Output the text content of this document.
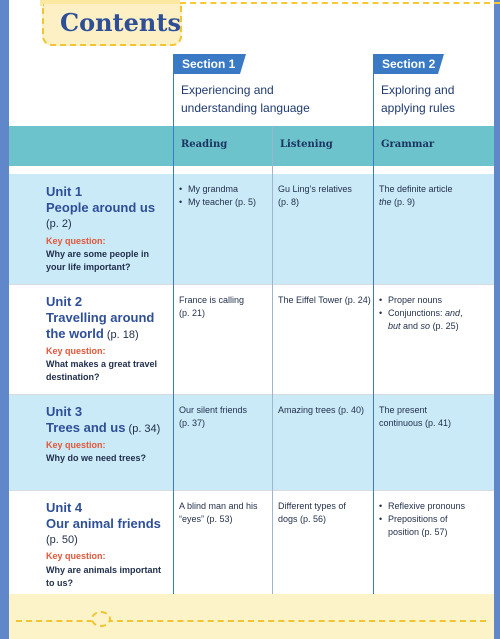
Contents
Section 1	Section 2
Experiencing and
understanding language
Exploring and
applying rules
Reading	Listening	Grammar
Unit 1
People around us
(p. 2)
Key question:
Why are some people in
your life important?
• My grandma
• My teacher (p. 5)
Gu Ling’s relatives
(p. 8)
The definite article
the (p. 9)
Unit 2
Travelling around
the world (p. 18)
Key question:
What makes a great travel
destination?
France is calling
(p. 21)
The Eiffel Tower (p. 24)
•	Proper nouns
• Conjunctions: and,
but and so (p. 25)
Unit 3
Trees and us (p. 34)
Key question:
Why do we need trees?
Our silent friends
(p. 37)
Amazing trees (p. 40)	The present
continuous (p. 41)
Unit 4
Our animal friends
(p. 50)
Key question:
Why are animals important
to us?
A blind man and his
“eyes” (p. 53)
Different types of
dogs (p. 56)
• Reflexive pronouns
• Prepositions of
position (p. 57)
